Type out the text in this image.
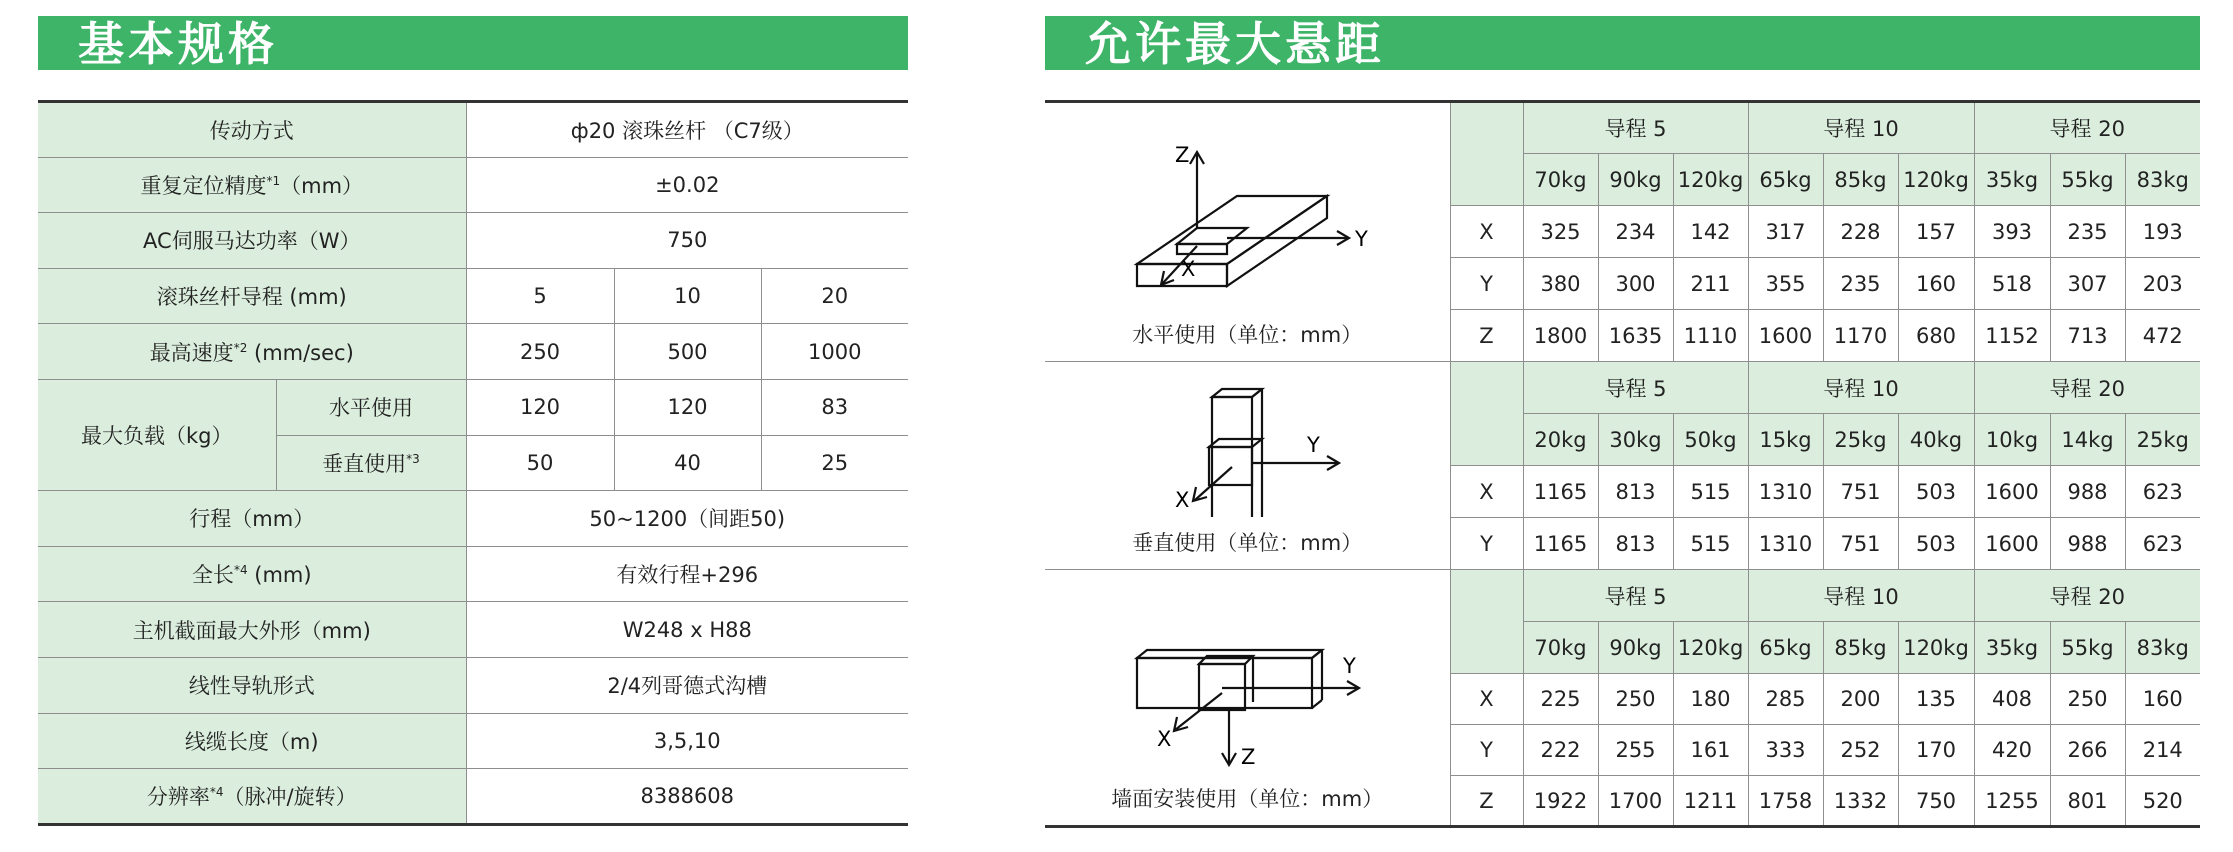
基本规格	允许最大悬距
传动方式		ф20 滚珠丝杆 （C7级）		
重复定位精度$^{*1}$（mm）		±0.02		
AC伺服马达功率（W）		750		
滚珠丝杆导程 (mm)		5	10	20
最高速度$^{*2}$ (mm/sec)		250	500	1000
最大负载（kg）	水平使用	120	120	83
	垂直使用$^{*3}$	50	40	25
行程（mm）		50~1200（间距50)		
全长$^{*4}$ (mm)		有效行程+296		
主机截面最大外形（mm)		W248 x H88		
线性导轨形式		2/4列哥德式沟槽		
线缆长度（m)		3,5,10		
分辨率$^{*4}$（脉冲/旋转）		8388608		
Z
Y
X
水平使用（单位：mm）		导程 5			导程 10			导程 20		
		70kg	90kg	120kg	65kg	85kg	120kg	35kg	55kg	83kg
	X	325	234	142	317	228	157	393	235	193
	Y	380	300	211	355	235	160	518	307	203
	Z	1800	1635	1110	1600	1170	680	1152	713	472

Y
X
垂直使用（单位：mm）		导程 5			导程 10			导程 20		
		20kg	30kg	50kg	15kg	25kg	40kg	10kg	14kg	25kg
	X	1165	813	515	1310	751	503	1600	988	623
	Y	1165	813	515	1310	751	503	1600	988	623

Y
X
Z
墙面安装使用（单位：mm）		导程 5			导程 10			导程 20		
		70kg	90kg	120kg	65kg	85kg	120kg	35kg	55kg	83kg
	X	225	250	180	285	200	135	408	250	160
	Y	222	255	161	333	252	170	420	266	214
	Z	1922	1700	1211	1758	1332	750	1255	801	520
